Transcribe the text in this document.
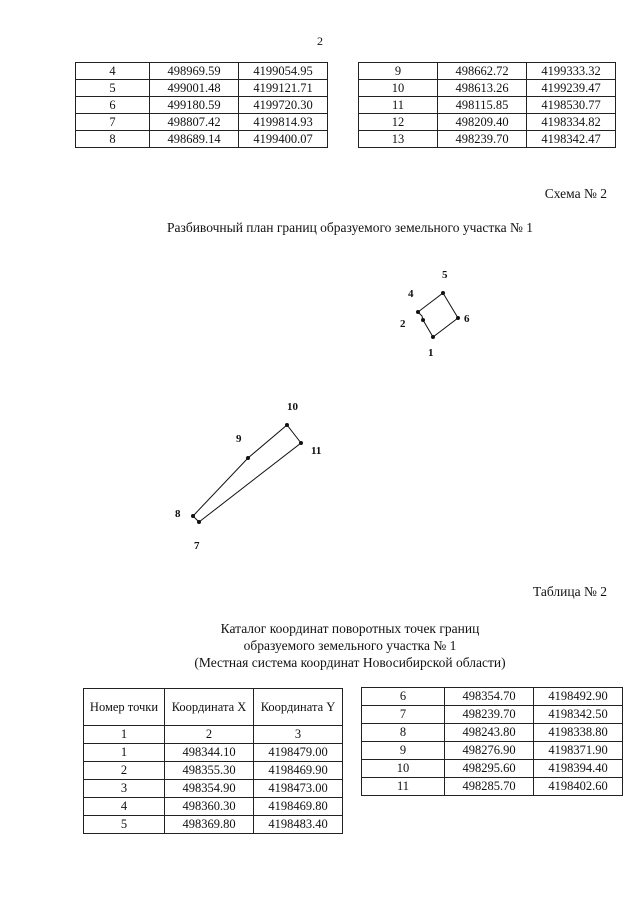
2
4	498969.59	4199054.95
5	499001.48	4199121.71
6	499180.59	4199720.30
7	498807.42	4199814.93
8	498689.14	4199400.07
9	498662.72	4199333.32
10	498613.26	4199239.47
11	498115.85	4198530.77
12	498209.40	4198334.82
13	498239.70	4198342.47
Схема № 2
Разбивочный план границ образуемого земельного участка № 1
5
4
2	6
1
10
9
11
8
7
Таблица № 2
Каталог координат поворотных точек границ
образуемого земельного участка № 1
(Местная система координат Новосибирской области)
Номер точки	Координата X	Координата Y
1	2	3
1	498344.10	4198479.00
2	498355.30	4198469.90
3	498354.90	4198473.00
4	498360.30	4198469.80
5	498369.80	4198483.40
6	498354.70	4198492.90
7	498239.70	4198342.50
8	498243.80	4198338.80
9	498276.90	4198371.90
10	498295.60	4198394.40
11	498285.70	4198402.60
